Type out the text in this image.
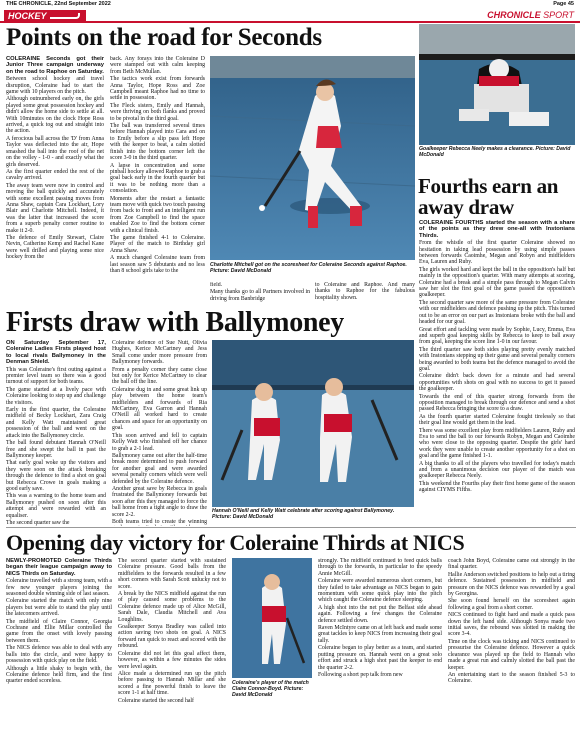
THE CHRONICLE, 22nd September 2022	Page 45
HOCKEY	CHRONICLE SPORT
Points on the road for Seconds

COLERAINE Seconds got their Junior Three campaign underway on the road to Raphoe on Saturday.

Between school hockey and travel disruption, Coleraine had to start the game with 10 players on the pitch.

Although outnumbered early on, the girls played some great possession hockey and didn't allow the home side to settle at all. With 10minutes on the clock Hope Ross arrived, a quick tog out and straight into the action.

A ferocious ball across the 'D' from Anna Taylor was deflected into the air, Hope smashed the ball into the roof of the net on the volley - 1-0 - and exactly what the girls deserved.

As the first quarter ended the rest of the cavalry arrived.

The away team were now in control and moving the ball quickly and accurately with some excellent passing moves from Anna Shaw, captain Cara Lockhart, Lory Blair and Charlotte Mitchell. Indeed, it was the latter that increased the score from a superb penalty corner routine to make it 2-0.

The defence of Emily Stewart, Claire Nevin, Catherine Kemp and Rachel Kane were well drilled and playing some nice hockey from the

back. Any forays into the Coleraine D were stamped out with calm keeping from Beth McMullan.

The tactics work exist from forwards Anna Taylor, Hope Ross and Zoe Campbell meant Raphoe had no time to settle in possession.

The Fleck sisters, Emily and Hannah, were thriving on both flanks and proved to be pivotal in the third goal.

The ball was transferred several times before Hannah played into Cara and on to Emily before a slip pass left Hope with the keeper to beat, a calm slotted finish into the bottom corner left the score 3-0 in the third quarter.

A lapse in concentration and some pinball hockey allowed Raphoe to grab a goal back early in the fourth quarter but it was to be nothing more than a consolation.

Moments after the restart a fantastic team move with quick two touch passing from back to front and an intelligent run from Zoe Campbell to find the space enabled Zoe to find the bottom corner with a clinical finish.

The game finished 4-1 to Coleraine. Player of the match to Birthday girl Anna Shaw.

A much changed Coleraine team from last season saw 5 debutants and no less than 8 school girls take to the

Charlotte Mitchell got on the scoresheet for Coleraine Seconds against Raphoe. Picture: David McDonald

field.

Many thanks go to all Partners involved in driving from Banbridge

to Coleraine and Raphoe. And many thanks to Raphoe for the fabulous hospitality shown.

Goalkeeper Rebecca Neely makes a clearance. Picture: David McDonald
Fourths earn an away draw

COLERAINE FOURTHS started the season with a share of the points as they drew one-all with Instonians Thirds.

From the whistle of the first quarter Coleraine showed no hesitation in taking lead possession by using simple passes between forwards Caoimhe, Megan and Robyn and midfielders Eva, Lauren and Ruby.

The girls worked hard and kept the ball in the opposition's half but mainly in the opposition's quarter. With many attempts at scoring, Coleraine had a break and a simple pass through to Megan Calvin saw her slot the first goal of the game passed the opposition's goalkeeper.

The second quarter saw more of the same pressure from Coleraine with our midfielders and defence pushing up the pitch. This turned out to be an error on our part as Instonians broke with the ball and headed for our goal.

Great effort and tackling were made by Sophie, Lucy, Emma, Eva and superb goal keeping skills by Rebecca to keep to ball away from goal, keeping the score line 1-0 in our favour.

The third quarter saw both sides playing pretty evenly matched with Instonians stepping up their game and several penalty corners being awarded to both teams but the defence managed to avoid the goal.

Coleraine didn't back down for a minute and had several opportunities with shots on goal with no success to get it passed the goalkeeper.

Towards the end of this quarter strong forwards from the opposition managed to break through our defence and send a shot passed Rebecca bringing the score to a draw.

As the fourth quarter started Coleraine fought tirelessly so that their goal line would get them in the lead.

There was some excellent play from midfielders Lauren, Ruby and Eva to send the ball to our forwards Robyn, Megan and Caoimhe who were close to the opposing quarter. Despite the girls' hard work they were unable to create another opportunity for a shot on goal and the game finished 1-1.

A big thanks to all of the players who travelled for today's match and from a unanimous decision our player of the match was goalkeeper Rebecca Neely.

This weekend the Fourths play their first home game of the season against CIYMS Fifths.

Firsts draw with Ballymoney

ON Saturday September 17, Coleraine Ladies Firsts played host to local rivals Ballymoney in the Denman Shield.

This was Coleraine's first outing against a premier level team so there was a good turnout of support for both teams.

The game started at a lively pace with Coleraine looking to step up and challenge the visitors.

Early in the first quarter, the Coleraine midfield of Becky Lockhart, Zara Craig and Kelly Watt maintained great possession of the ball and went on the attack into the Ballymoney circle.

The ball found debutant Hannah O'Neill free and she swept the ball in past the Ballymoney keeper.

That early goal woke up the visitors and they were soon on the attack breaking through the defence to find a shot on goal but Rebecca Crowe in goals making a good early save.

This was a warning to the home team and Ballymoney pushed on soon after this attempt and were rewarded with an equaliser.

The second quarter saw the

Coleraine defence of Sue Nutt, Olivia Hughes, Kerice McCartney and Jess Small come under more pressure from Ballymoney forwards.

From a penalty corner they came close but only for Kerice McCartney to clear the ball off the line.

Coleraine dug in and some great link up play between the home team's midfielders and forwards of Ria McCartney, Eva Garron and Hannah O'Neill all worked hard to create chances and space for an opportunity on goal.

This soon arrived and fell to captain Kelly Watt who finished off her chance to grab a 2-1 lead.

Ballymoney came out after the half-time break more determined to push forward for another goal and were awarded several penalty corners which were well defended by the Coleraine defence.

Another great save by Rebecca in goals frustrated the Ballymoney forwards but soon after this they managed to force the ball home from a tight angle to draw the score 2-2.

Both teams tried to create the winning

Hannah O'Neill and Kelly Watt celebrate after scoring against Ballymoney. Picture: David McDonald
Opening day victory for Coleraine Thirds at NICS

NEWLY-PROMOTED Coleraine Thirds began their league campaign away to NICS Thirds on Saturday.

Coleraine travelled with a strong team, with a few new younger players joining the seasoned double winning side of last season.

Coleraine started the match with only nine players but were able to stand the play until the latecomers arrived.

The midfield of Claire Connor, Georgia Cochrane and Ellie Millar controlled the game from the onset with lovely passing between them.

The NICS defence was able to deal with any balls into the circle, and were happy to possession with quick play on the field.

Although a little shaky to begin with, the Coleraine defence held firm, and the first quarter ended scoreless.

The second quarter started with sustained Coleraine pressure. Good balls from the midfielders to the forwards resulted in a few short corners with Sarah Scott unlucky not to score.

A break by the NICS midfield against the run of play caused some problems to the Coleraine defence made up of Alice McGill, Sarah Dale, Claudia Mitchell and Ava Loughlins.

Goalkeeper Sonya Bradley was called into action saving two shots on goal. A NICS forward ran quick to react and scored with the rebound.

Coleraine did not let this goal affect them, however, as within a few minutes the sides were level again.

Alice made a determined run up the pitch before passing to Hannah Millar and she scored a fine powerful finish to leave the score 1-1 at half time.

Coleraine started the second half

Coleraine's player of the match Claire Connor-Boyd. Picture: David McDonald

strongly. The midfield continued to feed quick balls through to the forwards, in particular to the speedy Annie McGill.

Coleraine were awarded numerous short corners, but they failed to take advantage as NICS began to gain momentum with some quick play into the pitch which caught the Coleraine defence sleeping.

A high shot into the net put the Belfast side ahead again. Following a few changes the Coleraine defence settled down.

Raven McIntyre came on at left back and made some great tackles to keep NICS from increasing their goal tally.

Coleraine began to play better as a team, and started putting pressure on. Hannah went on a great solo effort and struck a high shot past the keeper to end the quarter 2-2.

Following a short pep talk from new

coach John Boyd, Coleraine came out strongly in the final quarter.

Hallie Anderson switched positions to help out a tiring defence. Sustained possession in midfield and pressure on the NICS defence was rewarded by a goal by Georgina.

She soon found herself on the scoresheet again following a goal from a short corner.

NICS continued to fight hard and made a quick pass down the left hand side. Although Sonya made two initial saves, the rebound was slotted in making the score 3-4.

Time on the clock was ticking and NICS continued to pressurise the Coleraine defence. However a quick clearance was played up the field to Hannah who made a great run and calmly slotted the ball past the keeper.

An entertaining start to the season finished 5-3 to Coleraine.
